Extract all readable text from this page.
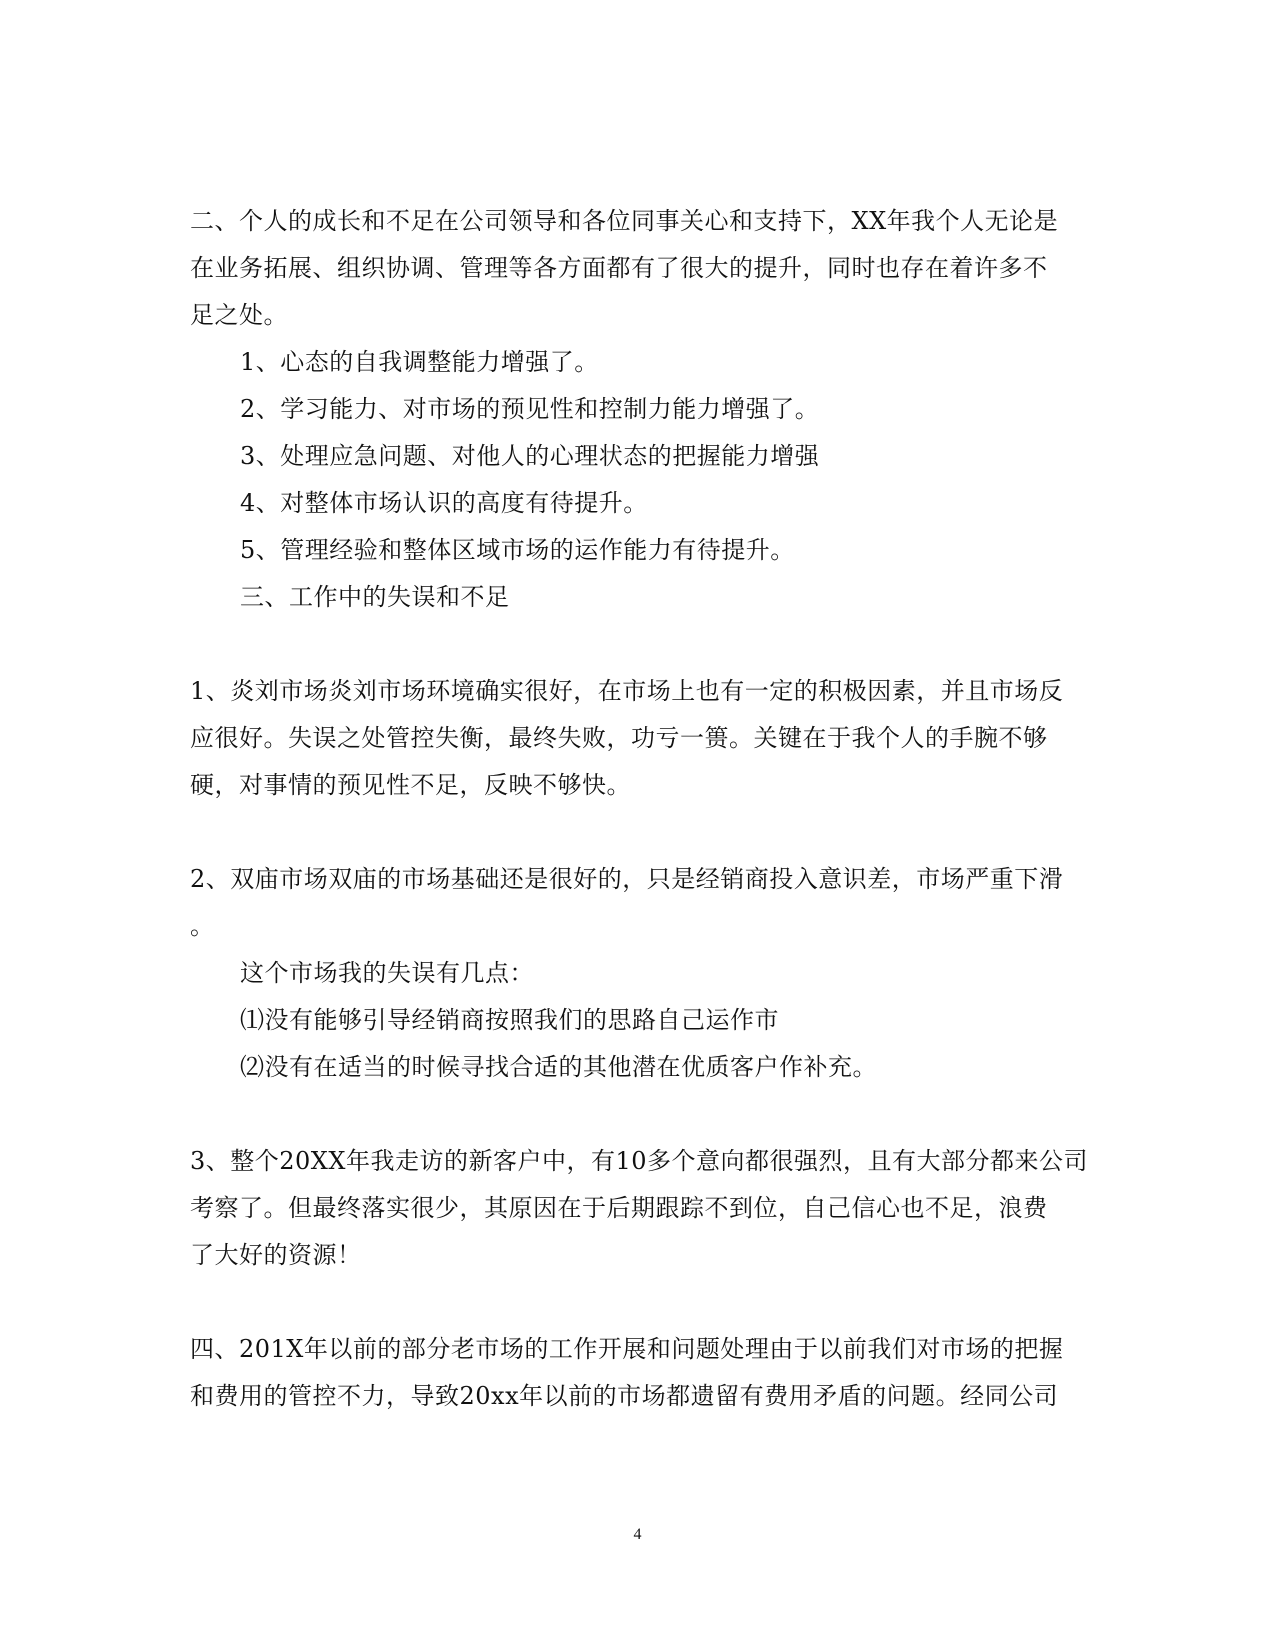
二、个人的成长和不足在公司领导和各位同事关心和支持下，XX年我个人无论是
在业务拓展、组织协调、管理等各方面都有了很大的提升，同时也存在着许多不
足之处。
1、心态的自我调整能力增强了。
2、学习能力、对市场的预见性和控制力能力增强了。
3、处理应急问题、对他人的心理状态的把握能力增强
4、对整体市场认识的高度有待提升。
5、管理经验和整体区域市场的运作能力有待提升。
三、工作中的失误和不足
1、炎刘市场炎刘市场环境确实很好，在市场上也有一定的积极因素，并且市场反
应很好。失误之处管控失衡，最终失败，功亏一篑。关键在于我个人的手腕不够
硬，对事情的预见性不足，反映不够快。
2、双庙市场双庙的市场基础还是很好的，只是经销商投入意识差，市场严重下滑
。
这个市场我的失误有几点：
⑴没有能够引导经销商按照我们的思路自己运作市
⑵没有在适当的时候寻找合适的其他潜在优质客户作补充。
3、整个20XX年我走访的新客户中，有10多个意向都很强烈，且有大部分都来公司
考察了。但最终落实很少，其原因在于后期跟踪不到位，自己信心也不足，浪费
了大好的资源！
四、201X年以前的部分老市场的工作开展和问题处理由于以前我们对市场的把握
和费用的管控不力，导致20xx年以前的市场都遗留有费用矛盾的问题。经同公司
4
